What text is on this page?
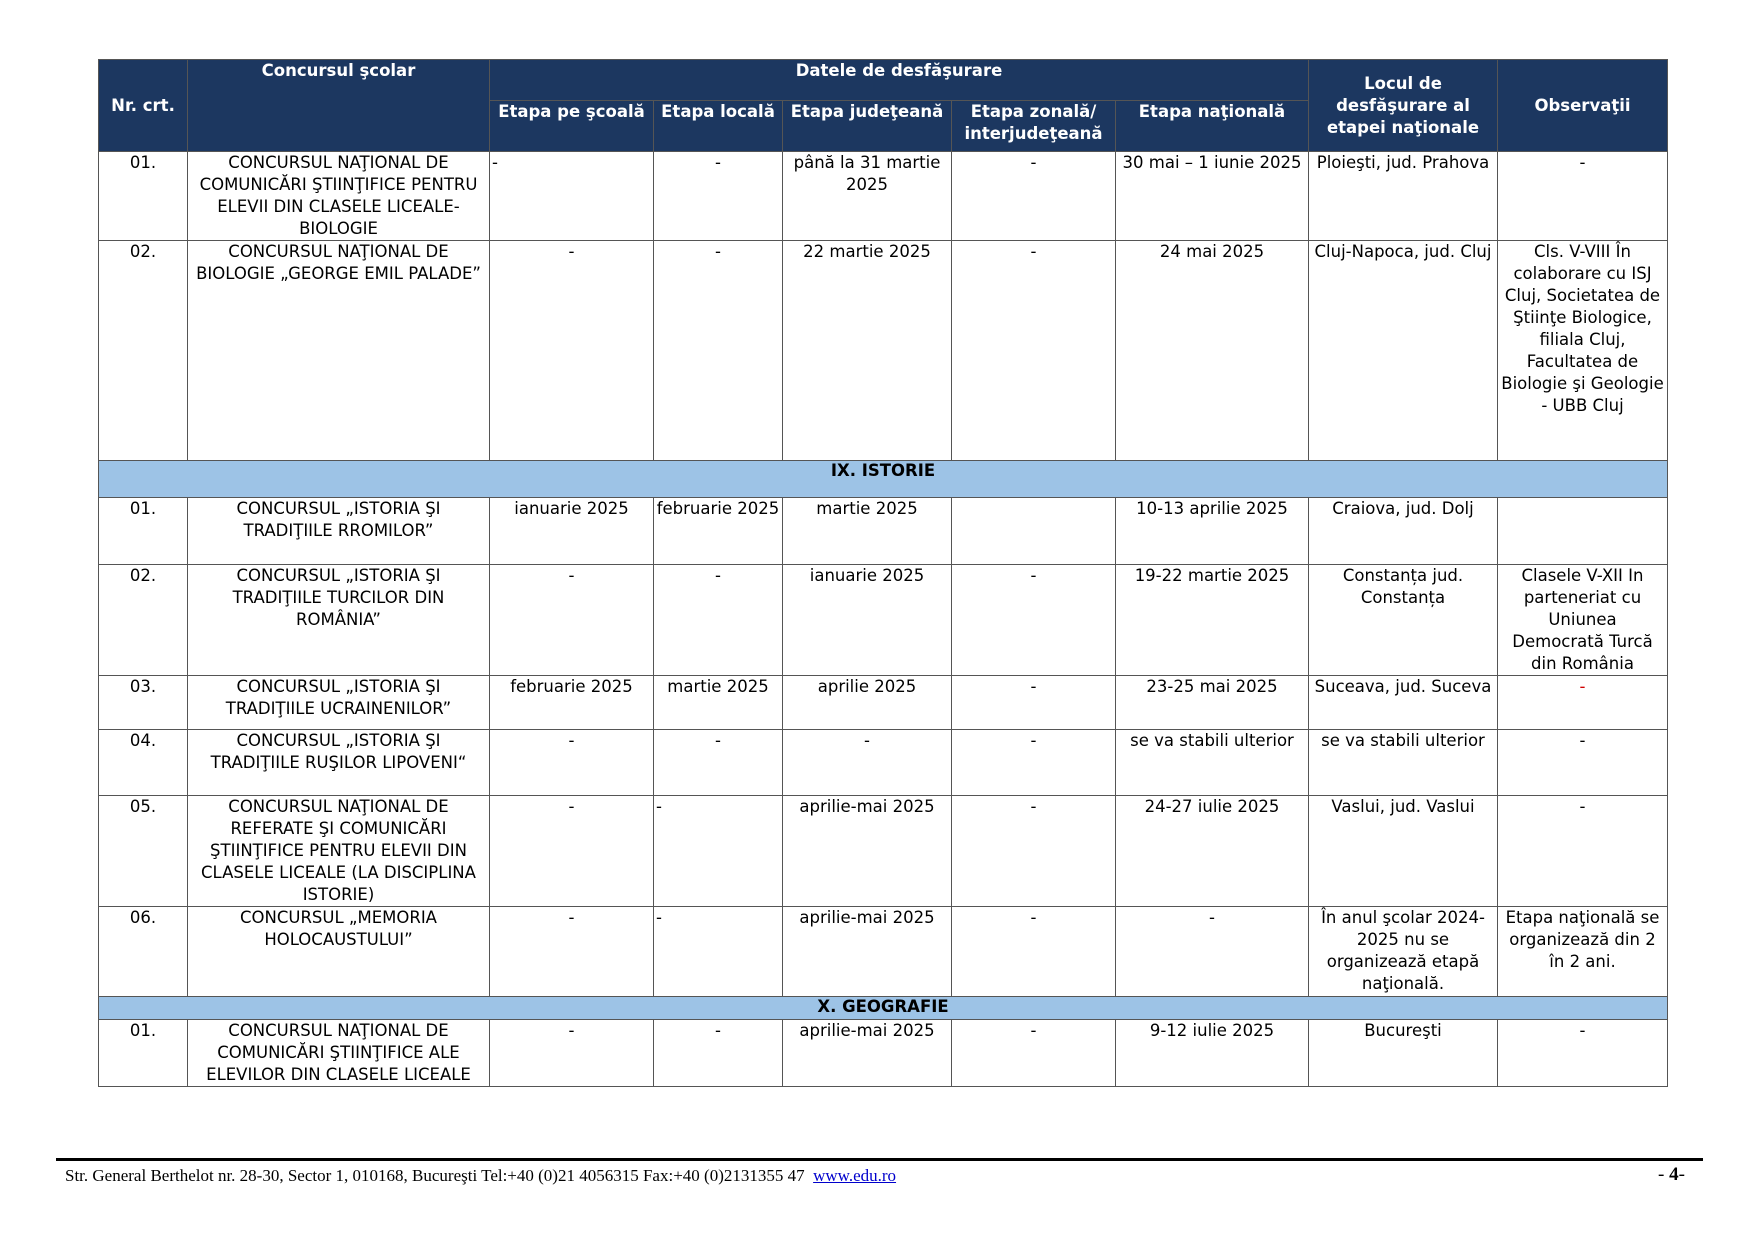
Nr. crt.	Concursul şcolar	Datele de desfăşurare					Locul de desfăşurare al etapei naţionale	Observaţii
		Etapa pe şcoală	Etapa locală	Etapa judeţeană	Etapa zonală/ interjudeţeană	Etapa naţională		
01.	CONCURSUL NAŢIONAL DE COMUNICĂRI ŞTIINŢIFICE PENTRU ELEVII DIN CLASELE LICEALE- BIOLOGIE	-	-	până la 31 martie 2025	-	30 mai – 1 iunie 2025	Ploieşti, jud. Prahova	-
02.	CONCURSUL NAŢIONAL DE BIOLOGIE „GEORGE EMIL PALADE”	-	-	22 martie 2025	-	24 mai 2025	Cluj-Napoca, jud. Cluj	Cls. V-VIII În colaborare cu ISJ Cluj, Societatea de Ştiinţe Biologice, filiala Cluj, Facultatea de Biologie şi Geologie - UBB Cluj
IX. ISTORIE								
01.	CONCURSUL „ISTORIA ŞI TRADIŢIILE RROMILOR”	ianuarie 2025	februarie 2025	martie 2025		10-13 aprilie 2025	Craiova, jud. Dolj	
02.	CONCURSUL „ISTORIA ŞI TRADIŢIILE TURCILOR DIN ROMÂNIA”	-	-	ianuarie 2025	-	19-22 martie 2025	Constanța jud. Constanța	Clasele V-XII In parteneriat cu Uniunea Democrată Turcă din România
03.	CONCURSUL „ISTORIA ŞI TRADIŢIILE UCRAINENILOR”	februarie 2025	martie 2025	aprilie 2025	-	23-25 mai 2025	Suceava, jud. Suceva	-
04.	CONCURSUL „ISTORIA ŞI TRADIŢIILE RUŞILOR LIPOVENI“	-	-	-	-	se va stabili ulterior	se va stabili ulterior	-
05.	CONCURSUL NAŢIONAL DE REFERATE ŞI COMUNICĂRI ŞTIINŢIFICE PENTRU ELEVII DIN CLASELE LICEALE (LA DISCIPLINA ISTORIE)	-	-	aprilie-mai 2025	-	24-27 iulie 2025	Vaslui, jud. Vaslui	-
06.	CONCURSUL „MEMORIA HOLOCAUSTULUI”	-	-	aprilie-mai 2025	-	-	În anul şcolar 2024-2025 nu se organizează etapă naţională.	Etapa naţională se organizează din 2 în 2 ani.
X. GEOGRAFIE								
01.	CONCURSUL NAŢIONAL DE COMUNICĂRI ŞTIINŢIFICE ALE ELEVILOR DIN CLASELE LICEALE	-	-	aprilie-mai 2025	-	9-12 iulie 2025	Bucureşti	-
Str. General Berthelot nr. 28-30, Sector 1, 010168, Bucureşti Tel:+40 (0)21 4056315 Fax:+40 (0)2131355 47 www.edu.ro	- 4-
